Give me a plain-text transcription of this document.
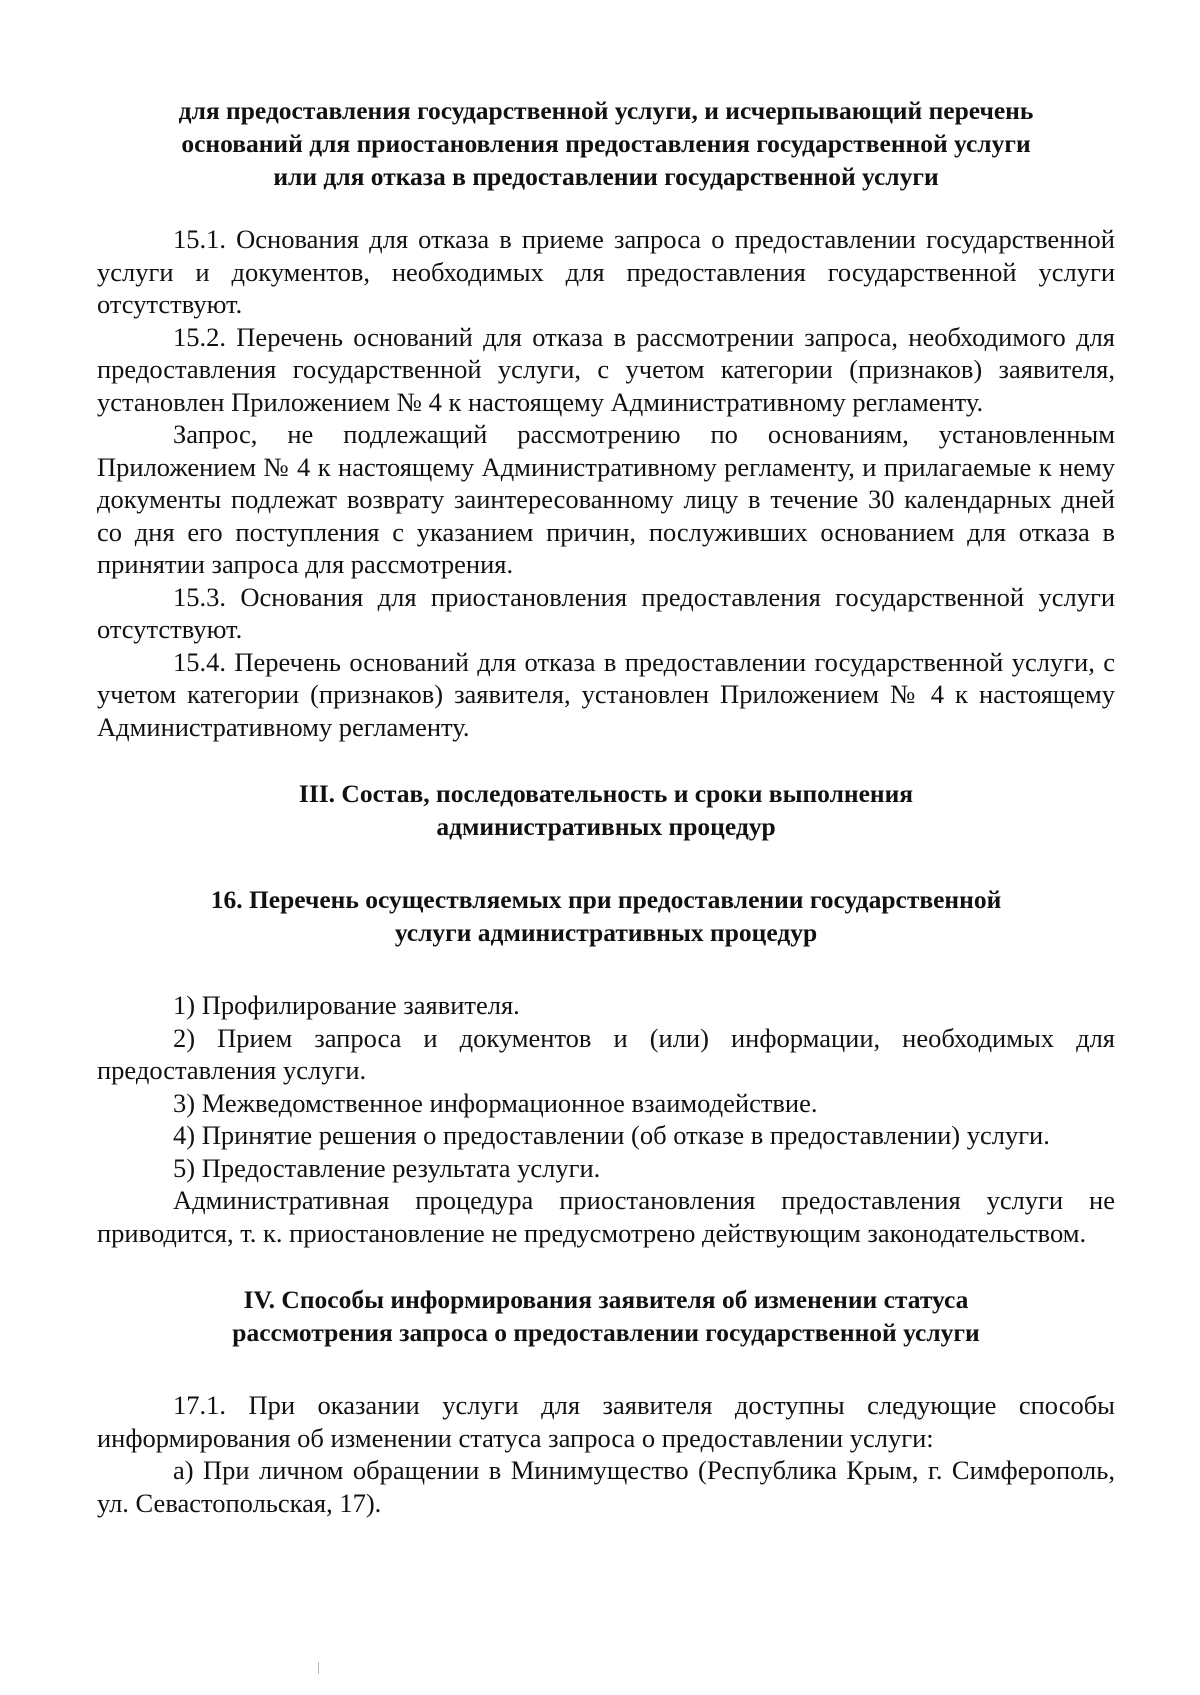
для предоставления государственной услуги, и исчерпывающий перечень
оснований для приостановления предоставления государственной услуги
или для отказа в предоставлении государственной услуги

15.1. Основания для отказа в приеме запроса о предоставлении государственной услуги и документов, необходимых для предоставления государственной услуги отсутствуют.

15.2. Перечень оснований для отказа в рассмотрении запроса, необходимого для предоставления государственной услуги, с учетом категории (признаков) заявителя, установлен Приложением № 4 к настоящему Административному регламенту.

Запрос, не подлежащий рассмотрению по основаниям, установленным Приложением № 4 к настоящему Административному регламенту, и прилагаемые к нему документы подлежат возврату заинтересованному лицу в течение 30 календарных дней со дня его поступления с указанием причин, послуживших основанием для отказа в принятии запроса для рассмотрения.

15.3. Основания для приостановления предоставления государственной услуги отсутствуют.

15.4. Перечень оснований для отказа в предоставлении государственной услуги, с учетом категории (признаков) заявителя, установлен Приложением № 4 к настоящему Административному регламенту.

III. Состав, последовательность и сроки выполнения
административных процедур
16. Перечень осуществляемых при предоставлении государственной
услуги административных процедур

1) Профилирование заявителя.

2) Прием запроса и документов и (или) информации, необходимых для предоставления услуги.

3) Межведомственное информационное взаимодействие.

4) Принятие решения о предоставлении (об отказе в предоставлении) услуги.

5) Предоставление результата услуги.

Административная процедура приостановления предоставления услуги не приводится, т. к. приостановление не предусмотрено действующим законодательством.

IV. Способы информирования заявителя об изменении статуса
рассмотрения запроса о предоставлении государственной услуги

17.1. При оказании услуги для заявителя доступны следующие способы информирования об изменении статуса запроса о предоставлении услуги:

а) При личном обращении в Минимущество (Республика Крым, г. Симферополь, ул. Севастопольская, 17).
